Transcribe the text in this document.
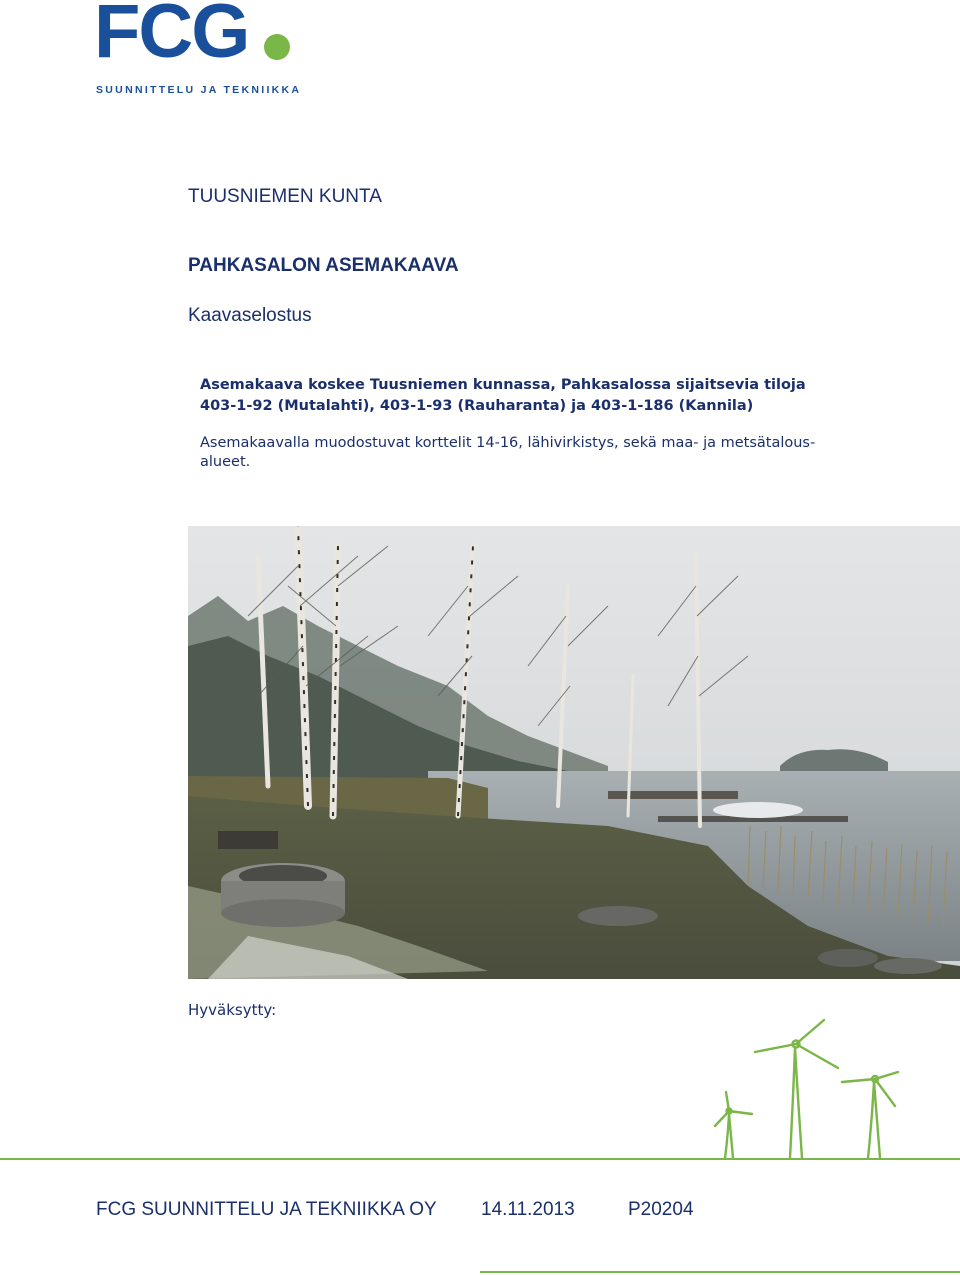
FCG
SUUNNITTELU JA TEKNIIKKA
TUUSNIEMEN KUNTA
PAHKASALON ASEMAKAAVA
Kaavaselostus
Asemakaava koskee Tuusniemen kunnassa, Pahkasalossa sijaitsevia tiloja
403-1-92 (Mutalahti), 403-1-93 (Rauharanta) ja 403-1-186 (Kannila)
Asemakaavalla muodostuvat korttelit 14-16, lähivirkistys, sekä maa- ja metsätalous-
alueet.
Hyväksytty:
FCG SUUNNITTELU JA TEKNIIKKA OY 14.11.2013	P20204
